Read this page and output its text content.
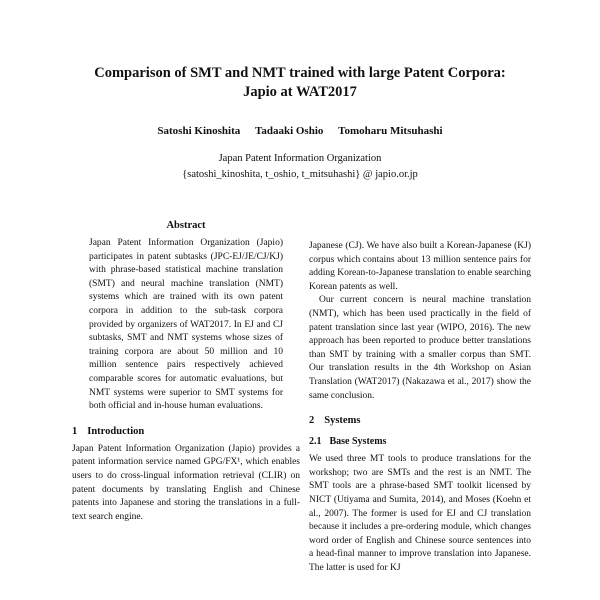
Comparison of SMT and NMT trained with large Patent Corpora:
Japio at WAT2017
Satoshi Kinoshita Tadaaki Oshio Tomoharu Mitsuhashi
Japan Patent Information Organization
{satoshi_kinoshita, t_oshio, t_mitsuhashi} @ japio.or.jp
Abstract

Japan Patent Information Organization (Japio) participates in patent subtasks (JPC-EJ/JE/CJ/KJ) with phrase-based statistical machine translation (SMT) and neural machine translation (NMT) systems which are trained with its own patent corpora in addition to the sub-task corpora provided by organizers of WAT2017. In EJ and CJ subtasks, SMT and NMT systems whose sizes of training corpora are about 50 million and 10 million sentence pairs respectively achieved comparable scores for automatic evaluations, but NMT systems were superior to SMT systems for both official and in-house human evaluations.

1 Introduction

Japan Patent Information Organization (Japio) provides a patent information service named GPG/FX¹, which enables users to do cross-lingual information retrieval (CLIR) on patent documents by translating English and Chinese patents into Japanese and storing the translations in a full-text search engine.

Japanese (CJ). We have also built a Korean-Japanese (KJ) corpus which contains about 13 million sentence pairs for adding Korean-to-Japanese translation to enable searching Korean patents as well.

Our current concern is neural machine translation (NMT), which has been used practically in the field of patent translation since last year (WIPO, 2016). The new approach has been reported to produce better translations than SMT by training with a smaller corpus than SMT. Our translation results in the 4th Workshop on Asian Translation (WAT2017) (Nakazawa et al., 2017) show the same conclusion.

2 Systems
2.1 Base Systems

We used three MT tools to produce translations for the workshop; two are SMTs and the rest is an NMT. The SMT tools are a phrase-based SMT toolkit licensed by NICT (Utiyama and Sumita, 2014), and Moses (Koehn et al., 2007). The former is used for EJ and CJ translation because it includes a pre-ordering module, which changes word order of English and Chinese source sentences into a head-final manner to improve translation into Japanese. The latter is used for KJ
